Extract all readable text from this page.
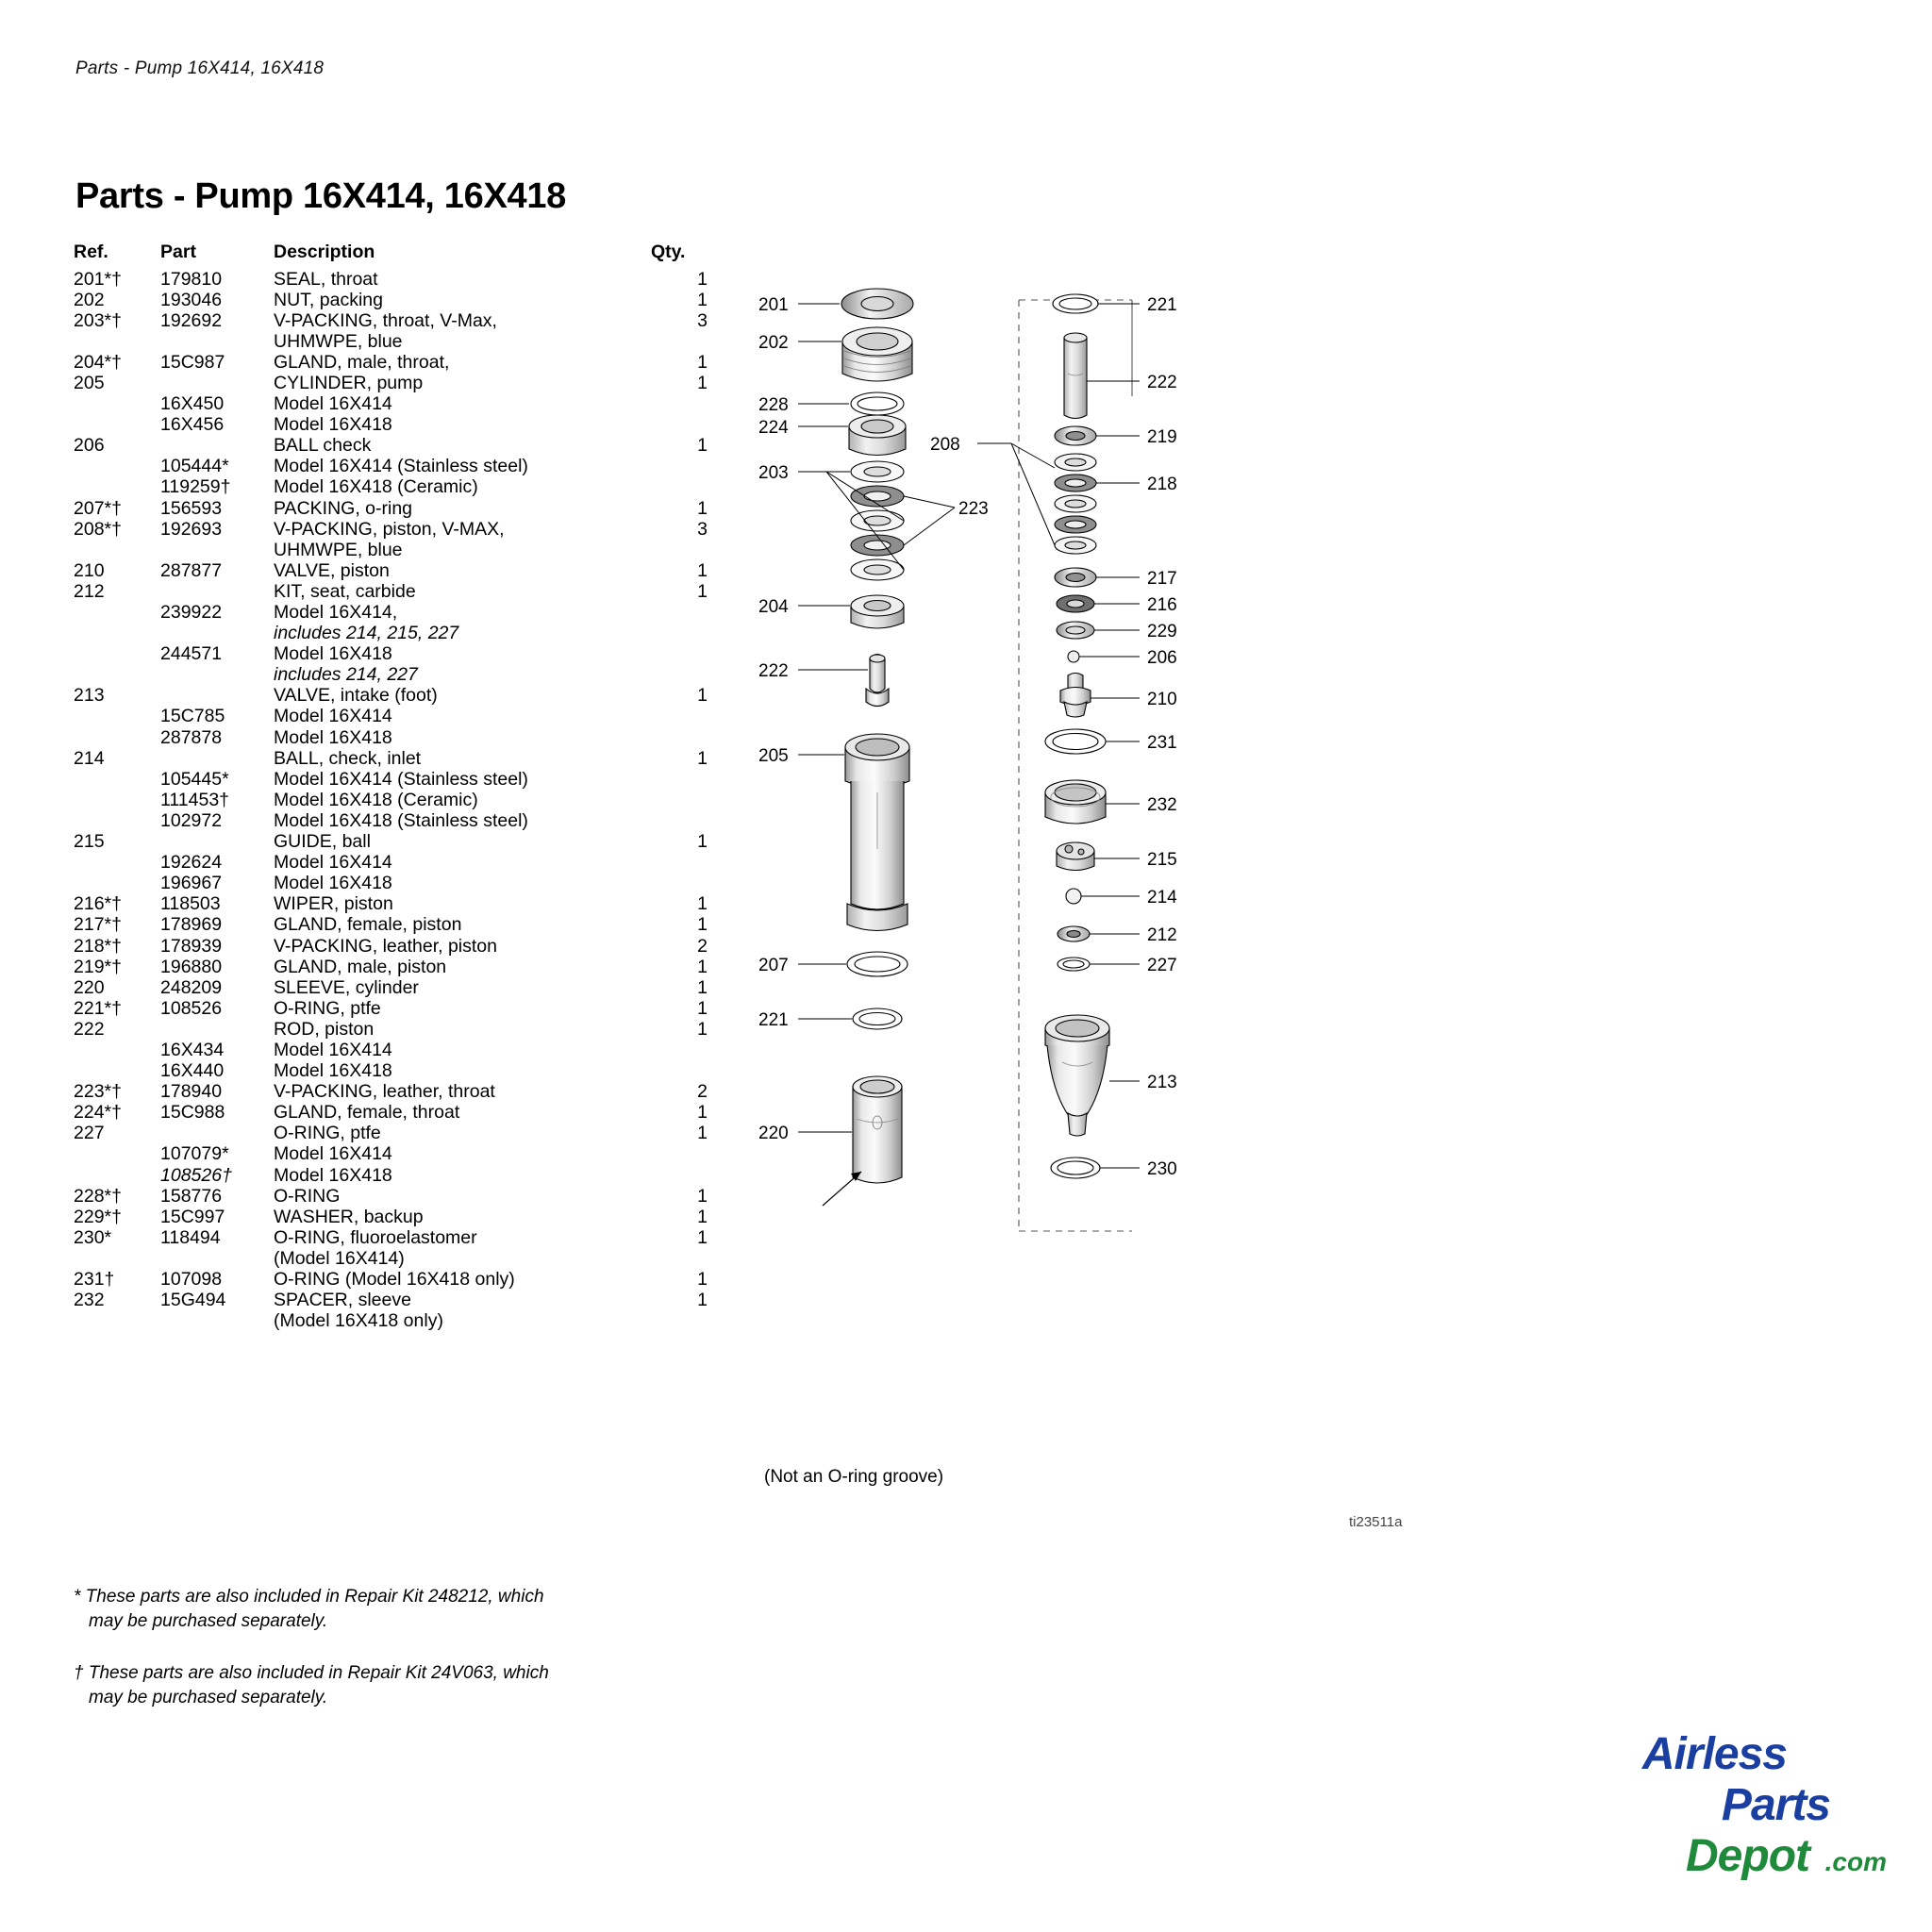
Parts - Pump 16X414, 16X418
Parts - Pump 16X414, 16X418
Ref.	Part	Description	Qty.
201*†	179810	SEAL, throat	1
202	193046	NUT, packing	1
203*†	192692	V-PACKING, throat, V-Max,	3
		UHMWPE, blue	
204*†	15C987	GLAND, male, throat,	1
205		CYLINDER, pump	1
	16X450	Model 16X414	
	16X456	Model 16X418	
206		BALL check	1
	105444*	Model 16X414 (Stainless steel)	
	119259†	Model 16X418 (Ceramic)	
207*†	156593	PACKING, o-ring	1
208*†	192693	V-PACKING, piston, V-MAX,	3
		UHMWPE, blue	
210	287877	VALVE, piston	1
212		KIT, seat, carbide	1
	239922	Model 16X414,	
		includes 214, 215, 227	
	244571	Model 16X418	
		includes 214, 227	
213		VALVE, intake (foot)	1
	15C785	Model 16X414	
	287878	Model 16X418	
214		BALL, check, inlet	1
	105445*	Model 16X414 (Stainless steel)	
	111453†	Model 16X418 (Ceramic)	
	102972	Model 16X418 (Stainless steel)	
215		GUIDE, ball	1
	192624	Model 16X414	
	196967	Model 16X418	
216*†	118503	WIPER, piston	1
217*†	178969	GLAND, female, piston	1
218*†	178939	V-PACKING, leather, piston	2
219*†	196880	GLAND, male, piston	1
220	248209	SLEEVE, cylinder	1
221*†	108526	O-RING, ptfe	1
222		ROD, piston	1
	16X434	Model 16X414	
	16X440	Model 16X418	
223*†	178940	V-PACKING, leather, throat	2
224*†	15C988	GLAND, female, throat	1
227		O-RING, ptfe	1
	107079*	Model 16X414	
	108526†	Model 16X418	
228*†	158776	O-RING	1
229*†	15C997	WASHER, backup	1
230*	118494	O-RING, fluoroelastomer	1
		(Model 16X414)	
231†	107098	O-RING (Model 16X418 only)	1
232	15G494	SPACER, sleeve	1
		(Model 16X418 only)	

* These parts are also included in Repair Kit 248212, which
may be purchased separately.

† These parts are also included in Repair Kit 24V063, which
may be purchased separately.

201
202
228
224
203
223
204
222
205
207
221
220
221
222
219
208
218
217
216
229
206
210
231
232
215
214
212
227
213
230
(Not an O-ring groove)
ti23511a
Airless
Parts
Depot .com
